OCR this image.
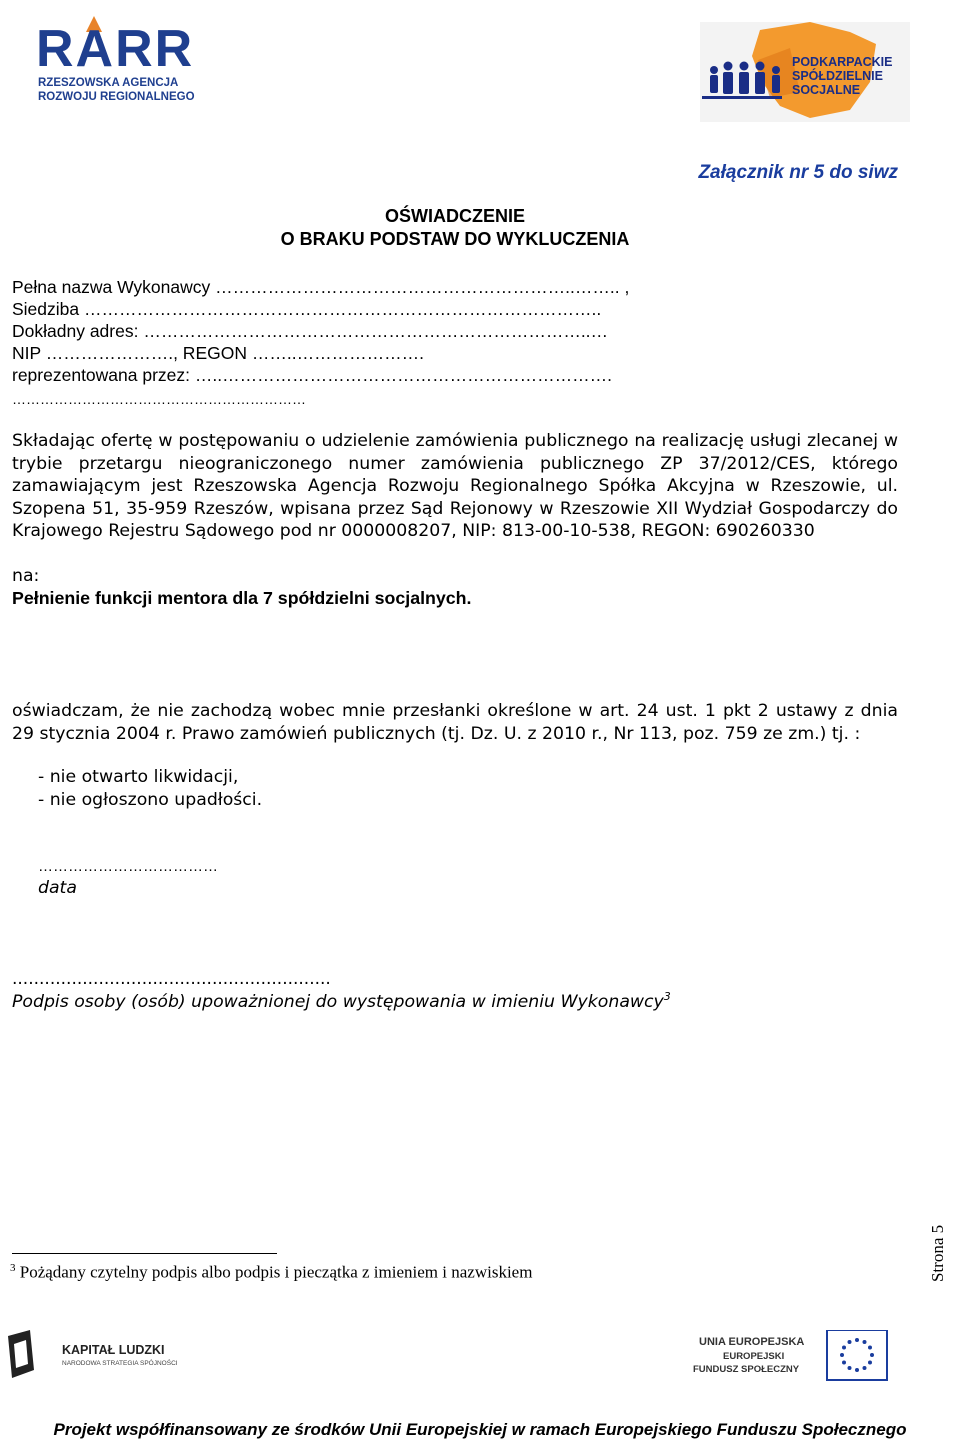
RARR
RZESZOWSKA AGENCJA
ROZWOJU REGIONALNEGO
PODKARPACKIE
SPÓŁDZIELNIE
SOCJALNE
Załącznik nr 5 do siwz
OŚWIADCZENIE
O BRAKU PODSTAW DO WYKLUCZENIA
Pełna nazwa Wykonawcy ……………………………………………………..…….. ,
Siedziba ……………………………………………………………………………..
Dokładny adres: …………………………………………………………………..…
NIP …………………., REGON ……..………………….
reprezentowana przez: …..………………………………………………………….
………………………………………………………

Składając ofertę w postępowaniu o udzielenie zamówienia publicznego na realizację usługi zlecanej w trybie przetargu nieograniczonego numer zamówienia publicznego ZP 37/2012/CES, którego zamawiającym jest Rzeszowska Agencja Rozwoju Regionalnego Spółka Akcyjna w Rzeszowie, ul. Szopena 51, 35-959 Rzeszów, wpisana przez Sąd Rejonowy w Rzeszowie XII Wydział Gospodarczy do Krajowego Rejestru Sądowego pod nr 0000008207, NIP: 813-00-10-538, REGON: 690260330

na:
Pełnienie funkcji mentora dla 7 spółdzielni socjalnych.
oświadczam, że nie zachodzą wobec mnie przesłanki określone w art. 24 ust. 1 pkt 2 ustawy z dnia 29 stycznia 2004 r. Prawo zamówień publicznych (tj. Dz. U. z 2010 r., Nr 113, poz. 759 ze zm.) tj. :
- nie otwarto likwidacji,
- nie ogłoszono upadłości.
………………………………
data
...........................................................
Podpis osoby (osób) upoważnionej do występowania w imieniu Wykonawcy$^3$
$^3$ Pożądany czytelny podpis albo podpis i pieczątka z imieniem i nazwiskiem	Strona 5
KAPITAŁ LUDZKI
NARODOWA STRATEGIA SPÓJNOŚCI
UNIA EUROPEJSKA
EUROPEJSKI
FUNDUSZ SPOŁECZNY
Projekt współfinansowany ze środków Unii Europejskiej w ramach Europejskiego Funduszu Społecznego
